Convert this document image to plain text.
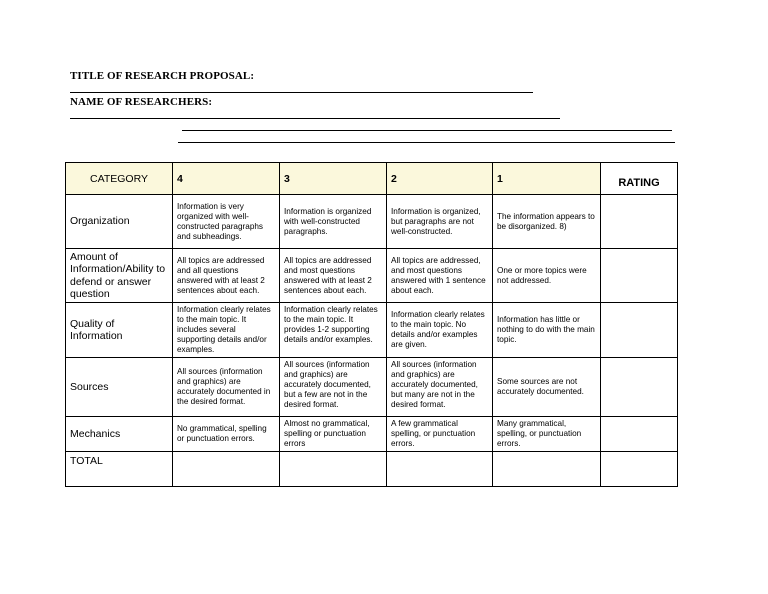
TITLE OF RESEARCH PROPOSAL:
NAME OF RESEARCHERS:
CATEGORY	4	3	2	1	RATING
Organization	Information is very organized with well-constructed paragraphs and subheadings.	Information is organized with well-constructed paragraphs.	Information is organized, but paragraphs are not well-constructed.	The information appears to be disorganized. 8)	
Amount of Information/Ability to defend or answer question	All topics are addressed and all questions answered with at least 2 sentences about each.	All topics are addressed and most questions answered with at least 2 sentences about each.	All topics are addressed, and most questions answered with 1 sentence about each.	One or more topics were not addressed.	
Quality of Information	Information clearly relates to the main topic. It includes several supporting details and/or examples.	Information clearly relates to the main topic. It provides 1-2 supporting details and/or examples.	Information clearly relates to the main topic. No details and/or examples are given.	Information has little or nothing to do with the main topic.	
Sources	All sources (information and graphics) are accurately documented in the desired format.	All sources (information and graphics) are accurately documented, but a few are not in the desired format.	All sources (information and graphics) are accurately documented, but many are not in the desired format.	Some sources are not accurately documented.	
Mechanics	No grammatical, spelling or punctuation errors.	Almost no grammatical, spelling or punctuation errors	A few grammatical spelling, or punctuation errors.	Many grammatical, spelling, or punctuation errors.	
TOTAL					
